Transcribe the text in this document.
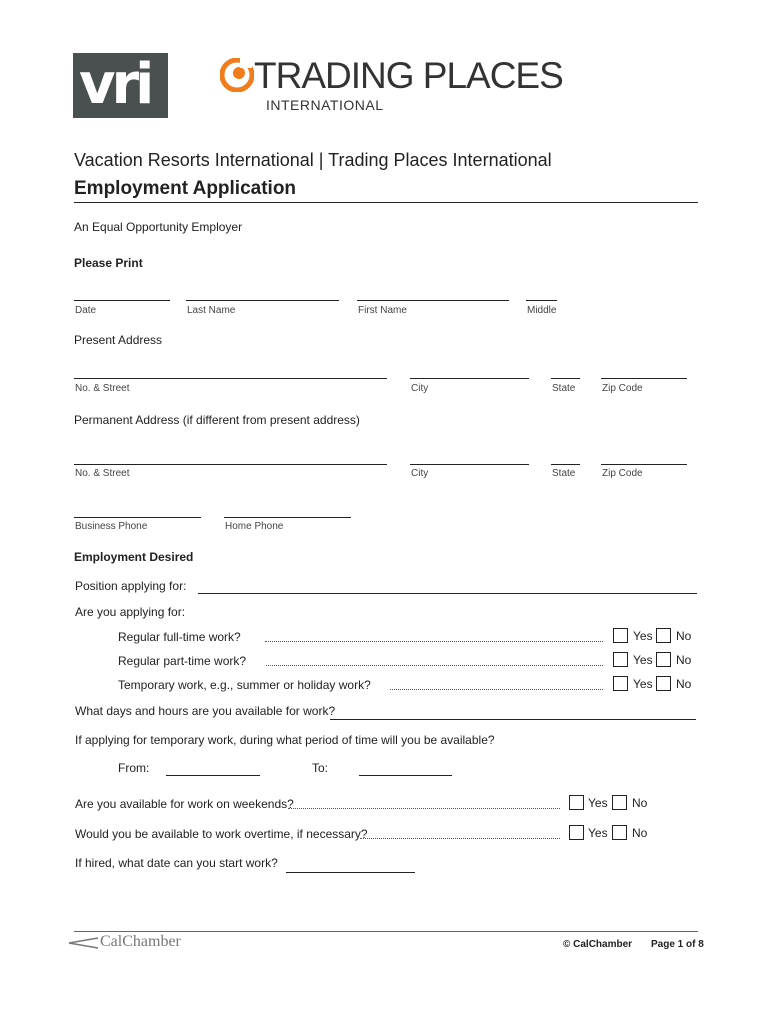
vri	TRADING PLACES
INTERNATIONAL
Vacation Resorts International | Trading Places International
Employment Application
An Equal Opportunity Employer
Please Print
Date	Last Name	First Name	Middle
Present Address
No. & Street	City	State	Zip Code
Permanent Address (if different from present address)
No. & Street	City	State	Zip Code
Business Phone	Home Phone
Employment Desired
Position applying for:
Are you applying for:
Regular full-time work?	Yes No
Regular part-time work?	Yes No
Temporary work, e.g., summer or holiday work?	Yes No
What days and hours are you available for work?
If applying for temporary work, during what period of time will you be available?
From:	To:
Are you available for work on weekends?	Yes No
Would you be available to work overtime, if necessary?	Yes No
If hired, what date can you start work?
CalChamber	© CalChamber Page 1 of 8
